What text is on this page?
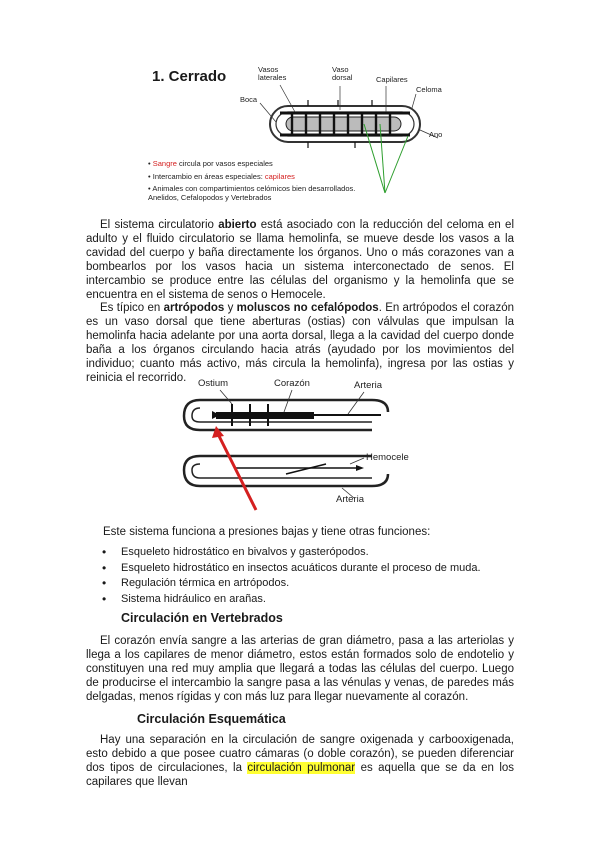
1. Cerrado	Vasos laterales
Vaso dorsal	Capilares
Celoma
Boca
Ano
• Sangre circula por vasos especiales
• Intercambio en áreas especiales: capilares
• Animales con compartimientos celómicos bien desarrollados.
Anelidos, Cefalopodos y Vertebrados

El sistema circulatorio abierto está asociado con la reducción del celoma en el adulto y el fluido circulatorio se llama hemolinfa, se mueve desde los vasos a la cavidad del cuerpo y baña directamente los órganos. Uno o más corazones van a bombearlos por los vasos hacia un sistema interconectado de senos. El intercambio se produce entre las células del organismo y la hemolinfa que se encuentra en el sistema de senos o Hemocele.

Es típico en artrópodos y moluscos no cefalópodos. En artrópodos el corazón es un vaso dorsal que tiene aberturas (ostias) con válvulas que impulsan la hemolinfa hacia adelante por una aorta dorsal, llega a la cavidad del cuerpo donde baña a los órganos circulando hacia atrás (ayudado por los movimientos del individuo; cuanto más activo, más circula la hemolinfa), ingresa por las ostias y reinicia el recorrido.	Ostium	Corazón	Arteria
Hemocele
Arteria

Este sistema funciona a presiones bajas y tiene otras funciones:

• Esqueleto hidrostático en bivalvos y gasterópodos.
• Esqueleto hidrostático en insectos acuáticos durante el proceso de muda.
• Regulación térmica en artrópodos.
• Sistema hidráulico en arañas.
Circulación en Vertebrados

El corazón envía sangre a las arterias de gran diámetro, pasa a las arteriolas y llega a los capilares de menor diámetro, estos están formados solo de endotelio y constituyen una red muy amplia que llegará a todas las células del cuerpo. Luego de producirse el intercambio la sangre pasa a las vénulas y venas, de paredes más delgadas, menos rígidas y con más luz para llegar nuevamente al corazón.

Circulación Esquemática

Hay una separación en la circulación de sangre oxigenada y carbooxigenada, esto debido a que posee cuatro cámaras (o doble corazón), se pueden diferenciar dos tipos de circulaciones, la circulación pulmonar es aquella que se da en los capilares que llevan
